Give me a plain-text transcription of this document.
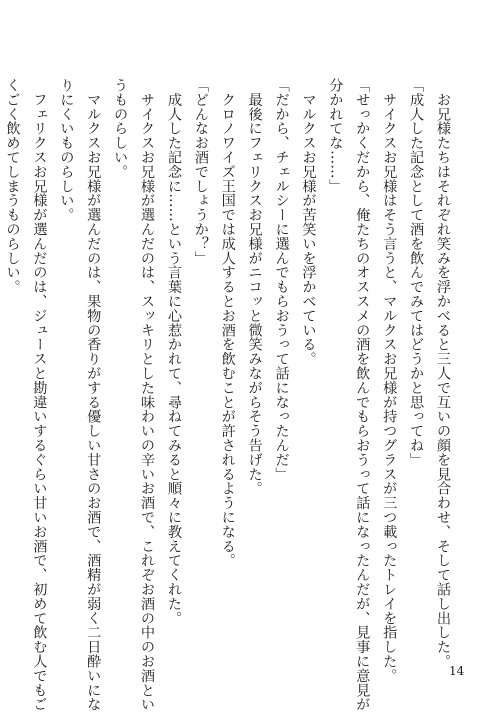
　お兄様たちはそれぞれ笑みを浮かべると三人で互いの顔を見合わせ、そして話し出した。
「成人した記念として酒を飲んでみてはどうかと思ってね」
　サイクスお兄様はそう言うと、マルクスお兄様が持つグラスが三つ載ったトレイを指した。
「せっかくだから、俺たちのオススメの酒を飲んでもらおうって話になったんだが、見事に意見が
分かれてな……」
　マルクスお兄様が苦笑いを浮かべている。
「だから、チェルシーに選んでもらおうって話になったんだ」
　最後にフェリクスお兄様がニコッと微笑みながらそう告げた。
　クロノワイズ王国では成人するとお酒を飲むことが許されるようになる。
「どんなお酒でしょうか？」
　成人した記念に……という言葉に心惹かれて、尋ねてみると順々に教えてくれた。
　サイクスお兄様が選んだのは、スッキリとした味わいの辛いお酒で、これぞお酒の中のお酒とい
うものらしい。
　マルクスお兄様が選んだのは、果物の香りがする優しい甘さのお酒で、酒精が弱く二日酔いにな
りにくいものらしい。
　フェリクスお兄様が選んだのは、ジュースと勘違いするぐらい甘いお酒で、初めて飲む人でもご
くごく飲めてしまうものらしい。
14
